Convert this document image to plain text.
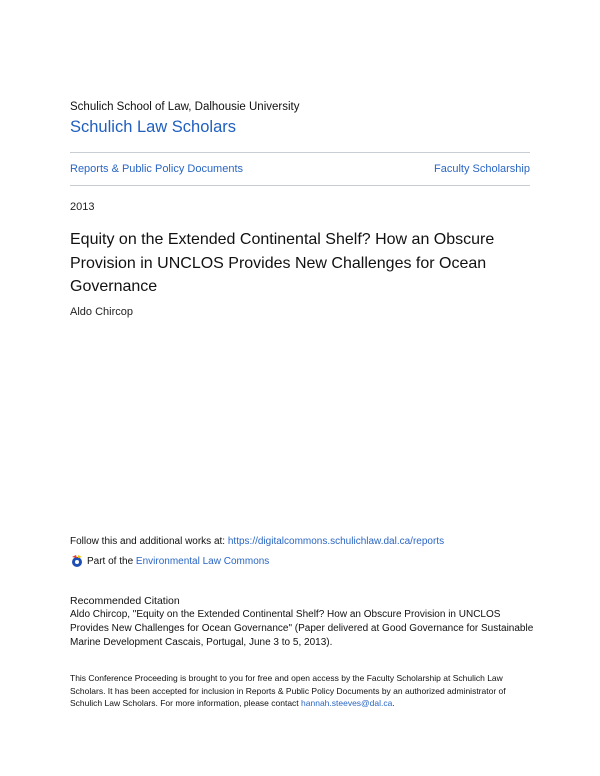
Schulich School of Law, Dalhousie University
Schulich Law Scholars
Reports & Public Policy Documents	Faculty Scholarship
2013
Equity on the Extended Continental Shelf? How an Obscure Provision in UNCLOS Provides New Challenges for Ocean Governance
Aldo Chircop
Follow this and additional works at: https://digitalcommons.schulichlaw.dal.ca/reports
Part of the
Environmental Law Commons
Recommended Citation
Aldo Chircop, "Equity on the Extended Continental Shelf? How an Obscure Provision in UNCLOS Provides New Challenges for Ocean Governance" (Paper delivered at Good Governance for Sustainable Marine Development Cascais, Portugal, June 3 to 5, 2013).
This Conference Proceeding is brought to you for free and open access by the Faculty Scholarship at Schulich Law Scholars. It has been accepted for inclusion in Reports & Public Policy Documents by an authorized administrator of Schulich Law Scholars. For more information, please contact hannah.steeves@dal.ca.
